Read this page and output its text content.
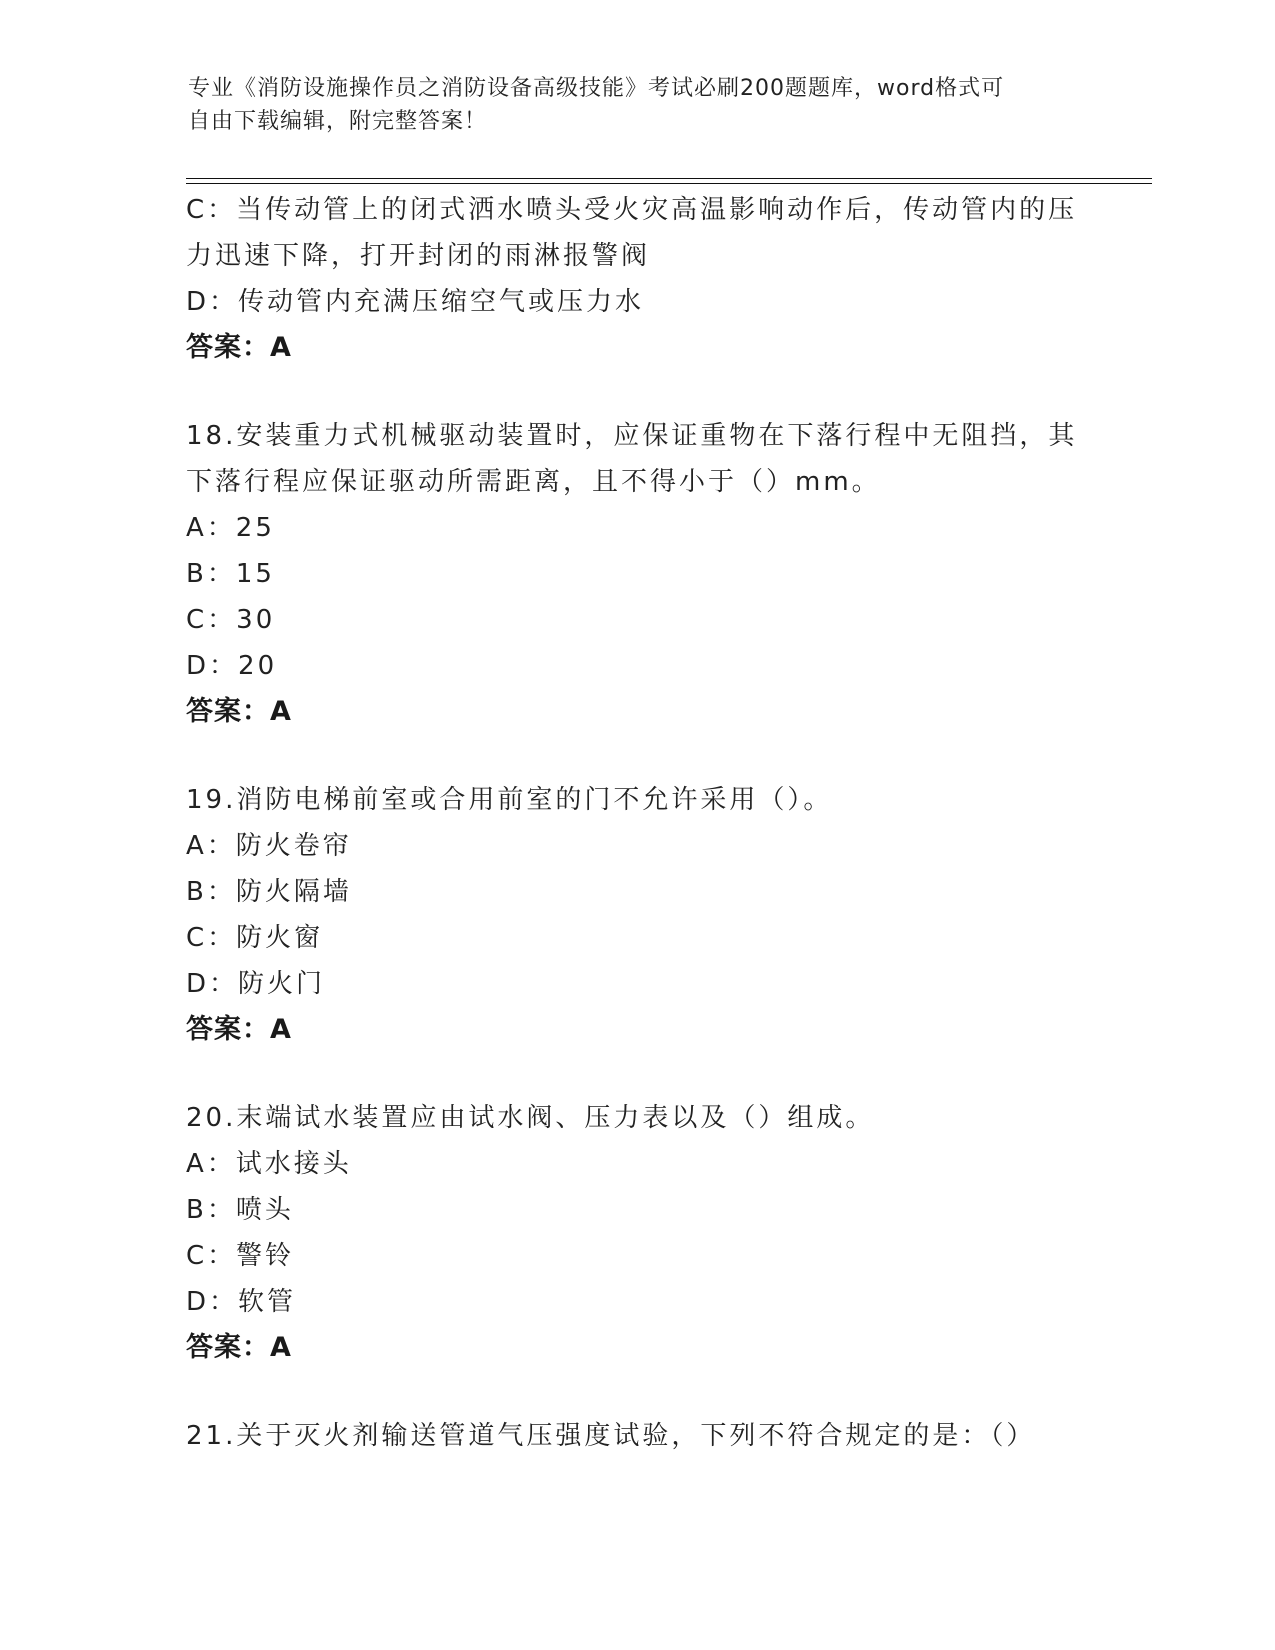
专业《消防设施操作员之消防设备高级技能》考试必刷200题题库，word格式可
自由下载编辑，附完整答案！
C：当传动管上的闭式洒水喷头受火灾高温影响动作后，传动管内的压
力迅速下降，打开封闭的雨淋报警阀
D：传动管内充满压缩空气或压力水
答案：A
18.安装重力式机械驱动装置时，应保证重物在下落行程中无阻挡，其
下落行程应保证驱动所需距离，且不得小于（）mm。
A：25
B：15
C：30
D：20
答案：A
19.消防电梯前室或合用前室的门不允许采用（）。
A：防火卷帘
B：防火隔墙
C：防火窗
D：防火门
答案：A
20.末端试水装置应由试水阀、压力表以及（）组成。
A：试水接头
B：喷头
C：警铃
D：软管
答案：A
21.关于灭火剂输送管道气压强度试验，下列不符合规定的是：（）
